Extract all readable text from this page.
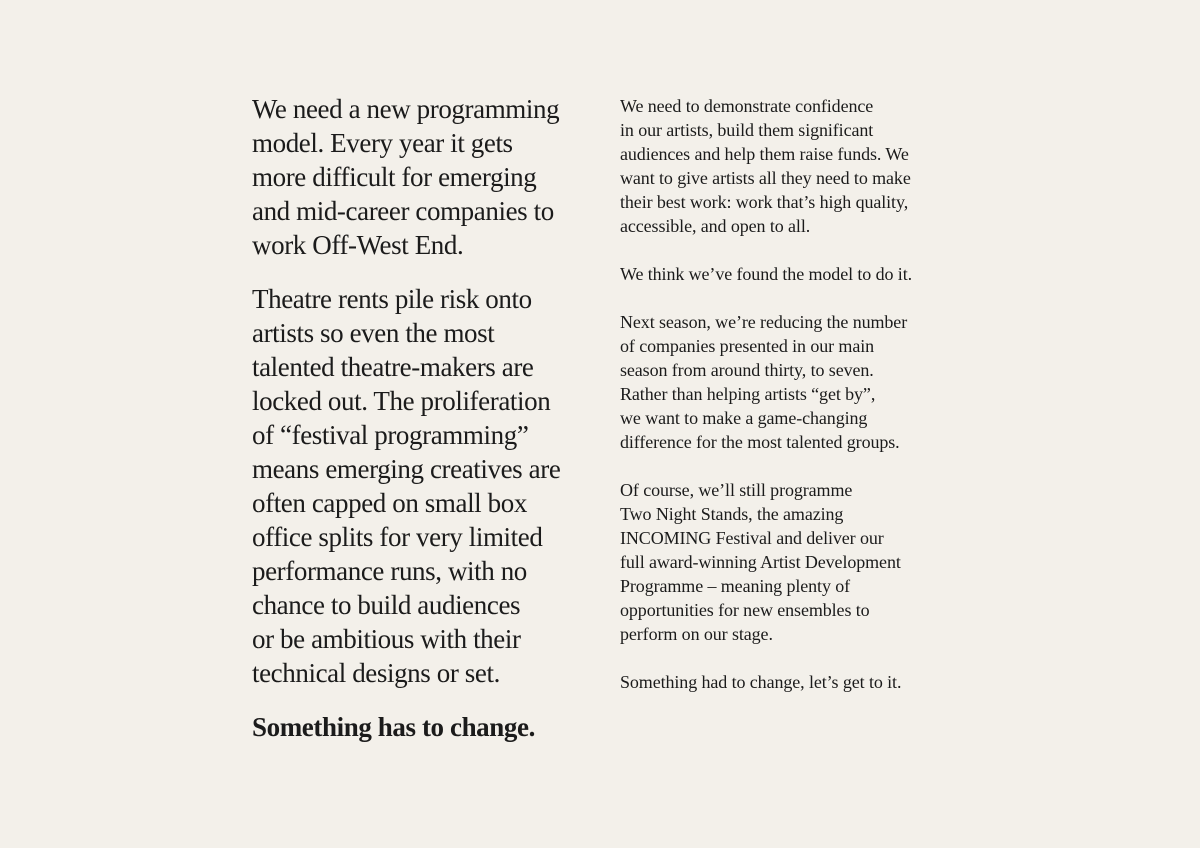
We need a new programming
model. Every year it gets
more difficult for emerging
and mid-career companies to
work Off-West End.

Theatre rents pile risk onto
artists so even the most
talented theatre-makers are
locked out. The proliferation
of “festival programming”
means emerging creatives are
often capped on small box
office splits for very limited
performance runs, with no
chance to build audiences
or be ambitious with their
technical designs or set.

Something has to change.

We need to demonstrate confidence
in our artists, build them significant
audiences and help them raise funds. We
want to give artists all they need to make
their best work: work that’s high quality,
accessible, and open to all.

We think we’ve found the model to do it.

Next season, we’re reducing the number
of companies presented in our main
season from around thirty, to seven.
Rather than helping artists “get by”,
we want to make a game-changing
difference for the most talented groups.

Of course, we’ll still programme
Two Night Stands, the amazing
INCOMING Festival and deliver our
full award-winning Artist Development
Programme – meaning plenty of
opportunities for new ensembles to
perform on our stage.

Something had to change, let’s get to it.
